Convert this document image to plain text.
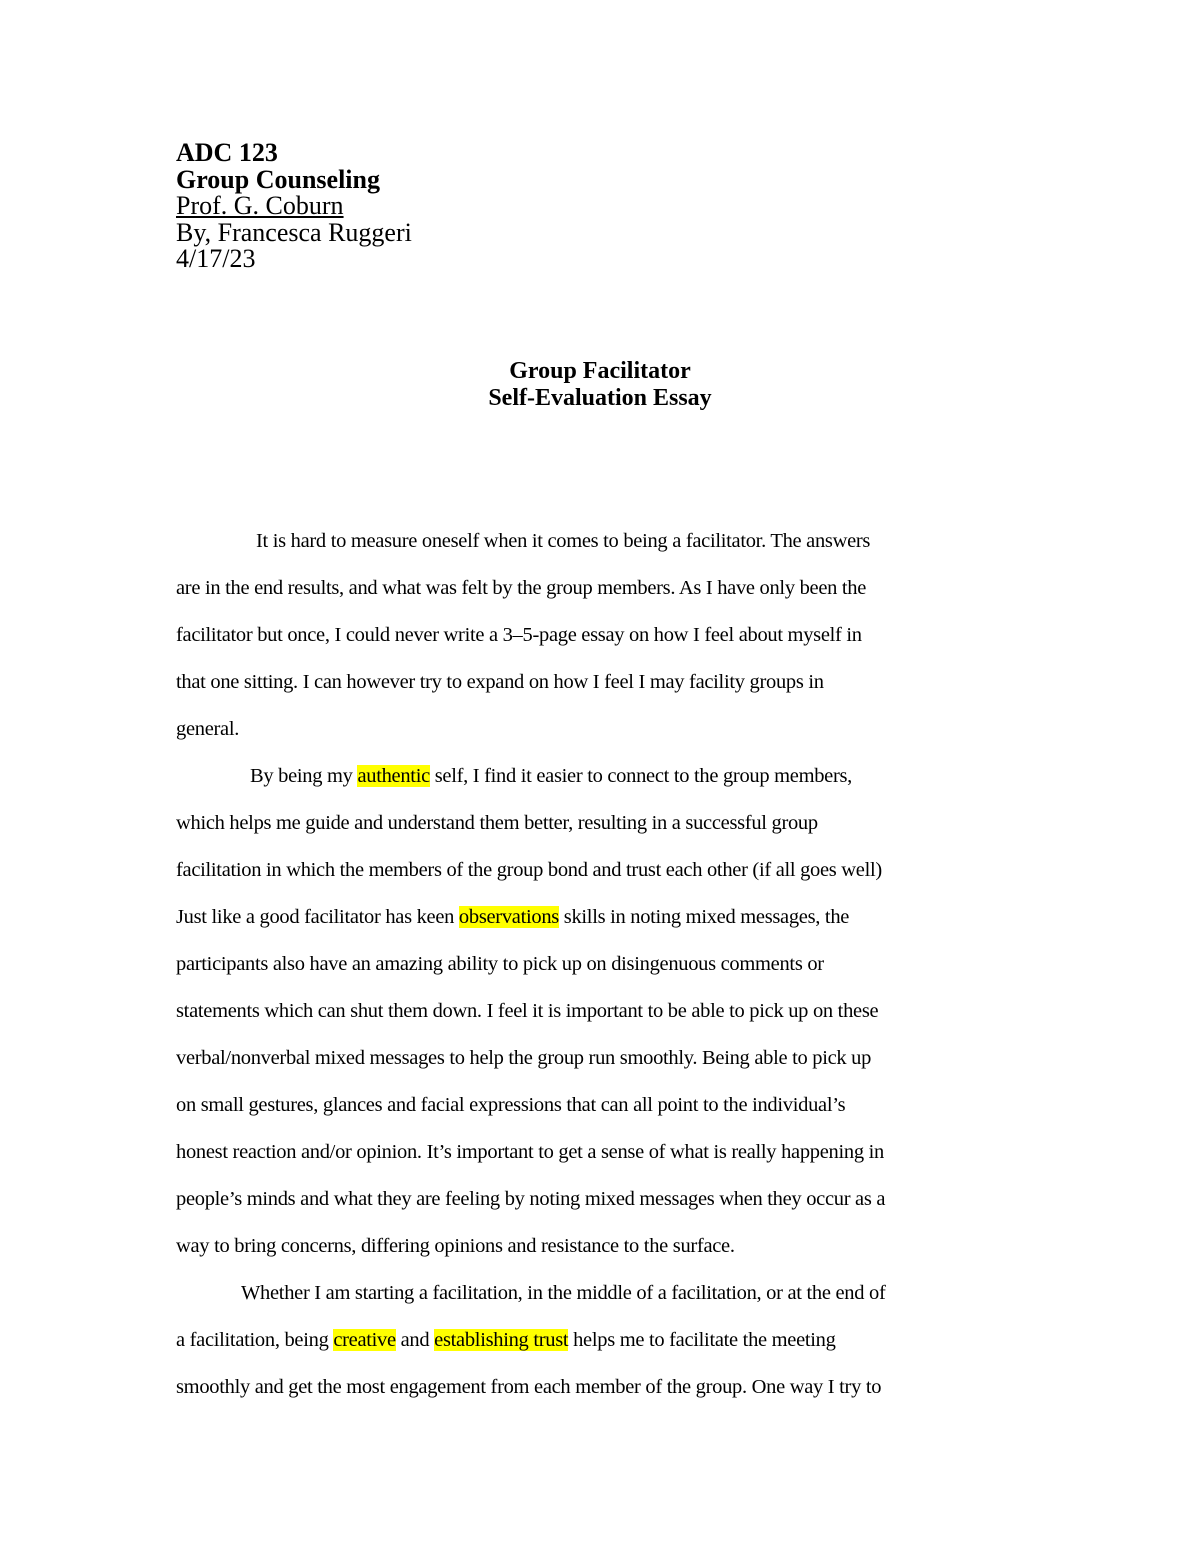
ADC 123
Group Counseling
Prof. G. Coburn
By, Francesca Ruggeri
4/17/23
Group Facilitator
Self-Evaluation Essay
It is hard to measure oneself when it comes to being a facilitator. The answers
are in the end results, and what was felt by the group members. As I have only been the
facilitator but once, I could never write a 3–5-page essay on how I feel about myself in
that one sitting. I can however try to expand on how I feel I may facility groups in
general.
By being my authentic self, I find it easier to connect to the group members,
which helps me guide and understand them better, resulting in a successful group
facilitation in which the members of the group bond and trust each other (if all goes well)
Just like a good facilitator has keen observations skills in noting mixed messages, the
participants also have an amazing ability to pick up on disingenuous comments or
statements which can shut them down. I feel it is important to be able to pick up on these
verbal/nonverbal mixed messages to help the group run smoothly. Being able to pick up
on small gestures, glances and facial expressions that can all point to the individual’s
honest reaction and/or opinion. It’s important to get a sense of what is really happening in
people’s minds and what they are feeling by noting mixed messages when they occur as a
way to bring concerns, differing opinions and resistance to the surface.
Whether I am starting a facilitation, in the middle of a facilitation, or at the end of
a facilitation, being creative and establishing trust helps me to facilitate the meeting
smoothly and get the most engagement from each member of the group. One way I try to
